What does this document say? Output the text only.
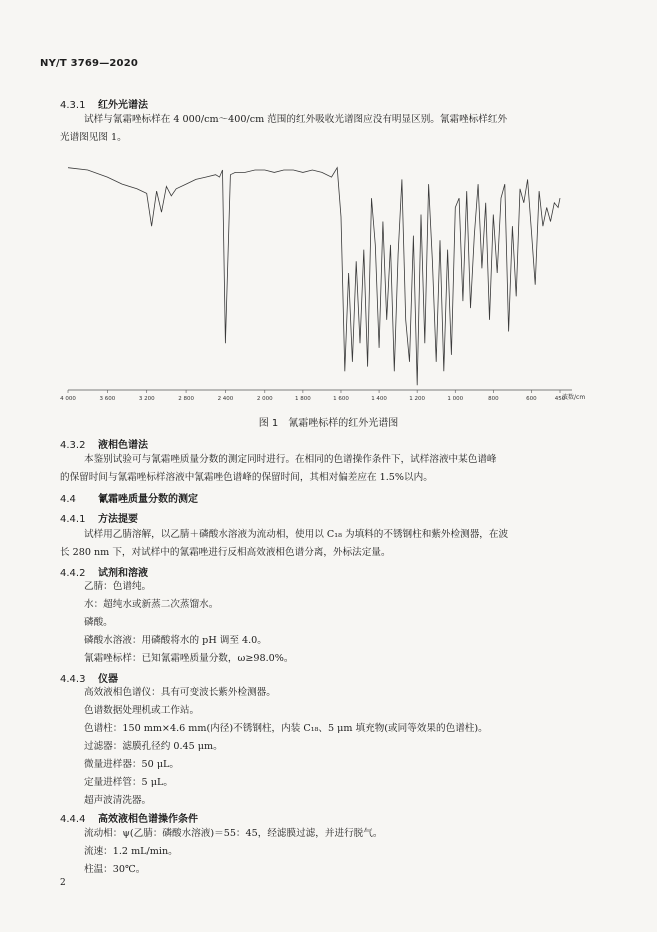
NY/T 3769—2020
4.3.1 红外光谱法
试样与氰霜唑标样在 4 000/cm～400/cm 范围的红外吸收光谱图应没有明显区别。氰霜唑标样红外
光谱图见图 1。
4 000	3 600	3 200	2 800	2 400	2 000	1 800	1 600	1 400	1 200	1 000	800	600	450
波数/cm
图 1　氰霜唑标样的红外光谱图
4.3.2 液相色谱法
本鉴别试验可与氰霜唑质量分数的测定同时进行。在相同的色谱操作条件下，试样溶液中某色谱峰
的保留时间与氰霜唑标样溶液中氰霜唑色谱峰的保留时间，其相对偏差应在 1.5%以内。
4.4 氰霜唑质量分数的测定
4.4.1 方法提要
试样用乙腈溶解，以乙腈＋磷酸水溶液为流动相，使用以 C₁₈ 为填料的不锈钢柱和紫外检测器，在波
长 280 nm 下，对试样中的氰霜唑进行反相高效液相色谱分离，外标法定量。
4.4.2 试剂和溶液
乙腈：色谱纯。
水：超纯水或新蒸二次蒸馏水。
磷酸。
磷酸水溶液：用磷酸将水的 pH 调至 4.0。
氰霜唑标样：已知氰霜唑质量分数，ω≥98.0%。
4.4.3 仪器
高效液相色谱仪：具有可变波长紫外检测器。
色谱数据处理机或工作站。
色谱柱：150 mm×4.6 mm(内径)不锈钢柱，内装 C₁₈、5 μm 填充物(或同等效果的色谱柱)。
过滤器：滤膜孔径约 0.45 μm。
微量进样器：50 μL。
定量进样管：5 μL。
超声波清洗器。
4.4.4 高效液相色谱操作条件
流动相：ψ(乙腈：磷酸水溶液)＝55：45，经滤膜过滤，并进行脱气。
流速：1.2 mL/min。
柱温：30℃。
2
